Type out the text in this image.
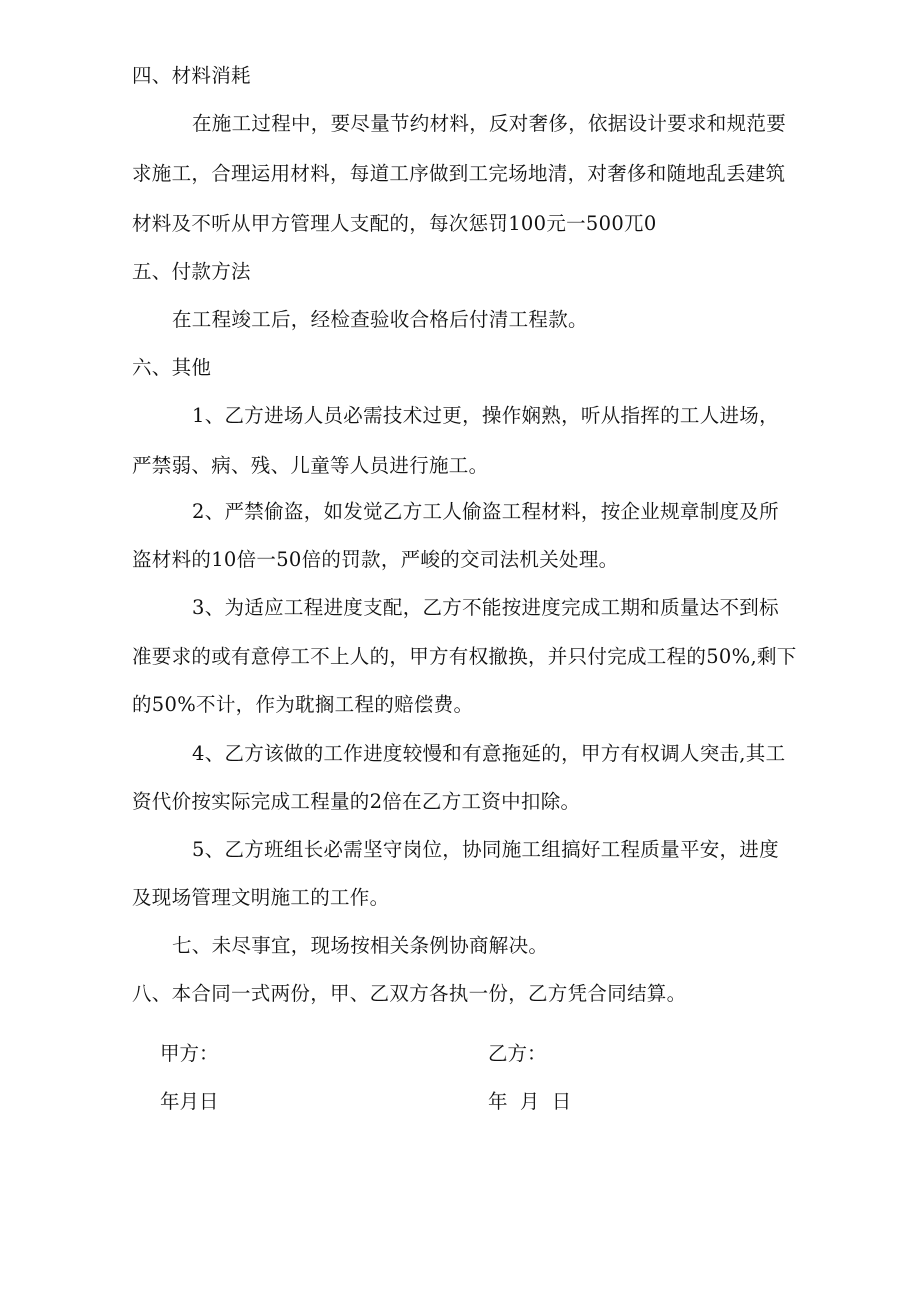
四、材料消耗
在施工过程中，要尽量节约材料，反对奢侈，依据设计要求和规范要
求施工，合理运用材料，每道工序做到工完场地清，对奢侈和随地乱丢建筑
材料及不听从甲方管理人支配的，每次惩罚100元一500兀0
五、付款方法
在工程竣工后，经检查验收合格后付清工程款。
六、其他
1、乙方进场人员必需技术过更，操作娴熟，听从指挥的工人进场，
严禁弱、病、残、儿童等人员进行施工。
2、严禁偷盗，如发觉乙方工人偷盗工程材料，按企业规章制度及所
盗材料的10倍一50倍的罚款，严峻的交司法机关处理。
3、为适应工程进度支配，乙方不能按进度完成工期和质量达不到标
准要求的或有意停工不上人的，甲方有权撤换，并只付完成工程的50%,剩下
的50%不计，作为耽搁工程的赔偿费。
4、乙方该做的工作进度较慢和有意拖延的，甲方有权调人突击,其工
资代价按实际完成工程量的2倍在乙方工资中扣除。
5、乙方班组长必需坚守岗位，协同施工组搞好工程质量平安，进度
及现场管理文明施工的工作。
七、未尽事宜，现场按相关条例协商解决。
八、本合同一式两份，甲、乙双方各执一份，乙方凭合同结算。
甲方：	乙方：
年月日	年  月  日
